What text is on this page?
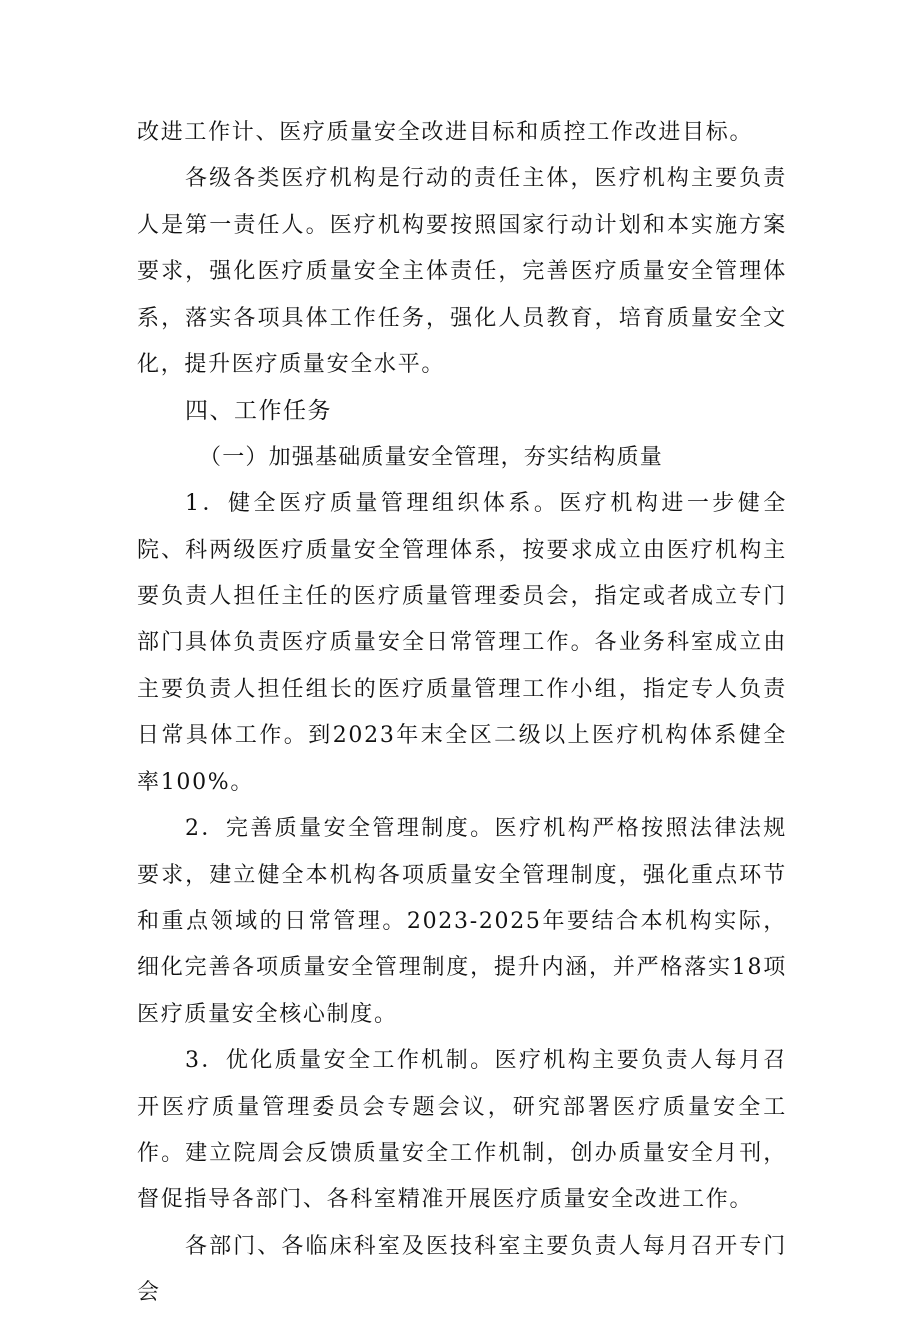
改进工作计、医疗质量安全改进目标和质控工作改进目标。

各级各类医疗机构是行动的责任主体，医疗机构主要负责人是第一责任人。医疗机构要按照国家行动计划和本实施方案要求，强化医疗质量安全主体责任，完善医疗质量安全管理体系，落实各项具体工作任务，强化人员教育，培育质量安全文化，提升医疗质量安全水平。

四、工作任务

（一）加强基础质量安全管理，夯实结构质量

1．健全医疗质量管理组织体系。医疗机构进一步健全院、科两级医疗质量安全管理体系，按要求成立由医疗机构主要负责人担任主任的医疗质量管理委员会，指定或者成立专门部门具体负责医疗质量安全日常管理工作。各业务科室成立由主要负责人担任组长的医疗质量管理工作小组，指定专人负责日常具体工作。到2023年末全区二级以上医疗机构体系健全率100%。

2．完善质量安全管理制度。医疗机构严格按照法律法规要求，建立健全本机构各项质量安全管理制度，强化重点环节和重点领域的日常管理。2023-2025年要结合本机构实际，细化完善各项质量安全管理制度，提升内涵，并严格落实18项医疗质量安全核心制度。

3．优化质量安全工作机制。医疗机构主要负责人每月召开医疗质量管理委员会专题会议，研究部署医疗质量安全工作。建立院周会反馈质量安全工作机制，创办质量安全月刊，督促指导各部门、各科室精准开展医疗质量安全改进工作。

各部门、各临床科室及医技科室主要负责人每月召开专门会
